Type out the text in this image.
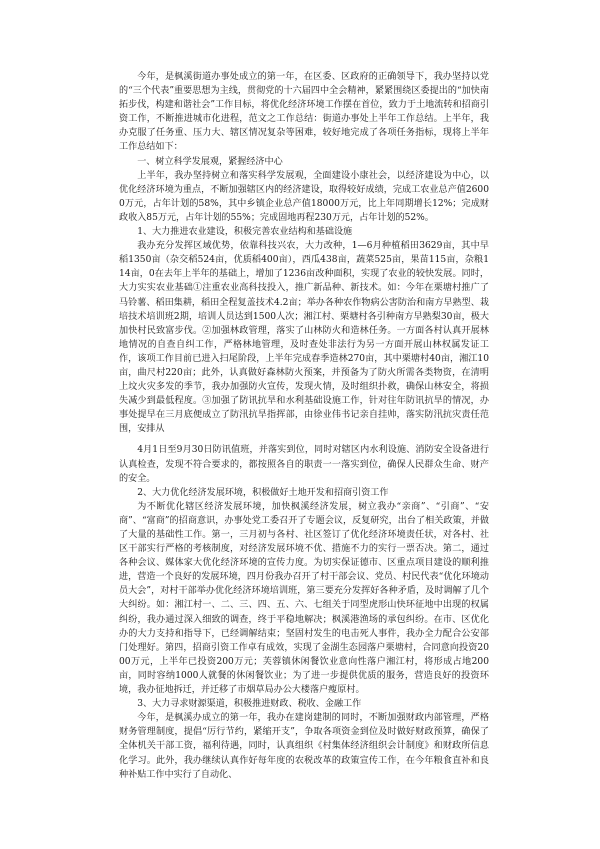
今年，是枫溪街道办事处成立的第一年，在区委、区政府的正确领导下，我办坚持以党的“三个代表”重要思想为主线，贯彻党的十六届四中全会精神，紧紧围绕区委提出的“加快南拓步伐，构建和谐社会”工作目标，将优化经济环境工作摆在首位，致力于土地流转和招商引资工作，不断推进城市化进程，范文之工作总结：街道办事处上半年工作总结。上半年，我办克服了任务重、压力大、辖区情况复杂等困难，较好地完成了各项任务指标，现将上半年工作总结如下：

一、树立科学发展观，紧握经济中心

上半年，我办坚持树立和落实科学发展观，全面建设小康社会，以经济建设为中心，以优化经济环境为重点，不断加强辖区内的经济建设，取得较好成绩，完成工农业总产值26000万元，占年计划的58%，其中乡镇企业总产值18000万元，比上年同期增长12%；完成财政收入85万元，占年计划的55%；完成固地再程230万元，占年计划的52%。

1、大力推进农业建设，积极完善农业结构和基础设施

我办充分发挥区域优势，依靠科技兴农，大力改种，1—6月种植稻田3629亩，其中早稻1350亩（杂交稻524亩，优质稻400亩），西瓜438亩，蔬菜525亩，果苗115亩，杂粮114亩，0在去年上半年的基础上，增加了1236亩改种面积，实现了农业的较快发展。同时，大力实实农业基础①注重农业高科技投入，推广新品种、新技术。如：今年在栗塘村推广了马铃薯、稻田集耕，稻田全程复盖技术4.2亩；举办各种农作物病公害防治和南方早熟型、栽培技术培训班2期，培训人员达到1500人次；湘江村、栗塘村各引种南方早熟梨30亩，极大加快村民致富步伐。②加强林政管理，落实了山林防火和造林任务。一方面各村认真开展林地情况的自查自纠工作，严格林地管理，及时查处非法行为另一方面开展山林权属发证工作，该项工作目前已进入扫尾阶段，上半年完成春季造林270亩，其中栗塘村40亩，湘江10亩，曲尺村220亩；此外，认真做好森林防火预案，并预备为了防火所需各类物资，在清明上坟火灾多发的季节，我办加强防火宣传，发现火情，及时组织扑救，确保山林安全，将损失减少到最低程度。③加强了防讯抗旱和水利基础设施工作，针对往年防讯抗旱的情况，办事处提早在三月底便成立了防汛抗旱指挥部，由徐业伟书记亲自挂帅，落实防汛抗灾责任范围，安排从

4月1日至9月30日防讯值班，并落实到位，同时对辖区内水利设施、消防安全设备进行认真检查，发现不符合要求的，都按照各自的职责一一落实到位，确保人民群众生命、财产的安全。

2、大力优化经济发展环境，积极做好土地开发和招商引资工作

为不断优化辖区经济发展环境，加快枫溪经济发展，树立我办“亲商”、“引商”、“安商”、“富商”的招商意识，办事处党工委召开了专题会议，反复研究，出台了相关政策，并做了大量的基础性工作。第一，三月初与各村、社区签订了优化经济环境责任状，对各村、社区干部实行严格的考核制度，对经济发展环境不优、措施不力的实行一票否决。第二，通过各种会议、媒体家大优化经济环境的宣传力度。为切实保证德市、区重点项目建设的顺利推进，营造一个良好的发展环境，四月份我办召开了村干部会议、党员、村民代表“优化环境动员大会”，对村干部举办优化经济环境培训班，第三要充分发挥好各种矛盾，及时调解了几个大纠纷。如：湘江村一、二、三、四、五、六、七组关于同型虎形山快环征地中出现的权属纠纷，我办通过深入细致的调查，终于平稳地解决；枫溪港渔场的承包纠纷。在市、区优化办的大力支持和指导下，已经调解结束；坚固村发生的电击死人事件，我办全力配合公安部门处理好。第四，招商引资工作卓有成效，实现了金湖生态园落户栗塘村，合同意向投资2000万元，上半年已投资200万元；芙蓉镇休闲餐饮业意向性落户湘江村，将形成占地200亩，同时容纳1000人就餐的休闲餐饮业；为了进一步提供优质的服务，营造良好的投资环境，我办征地拆迁，并迁移了市烟草局办公大楼落户瘦原村。

3、大力寻求财源渠道，积极推进财政、税收、金融工作

今年，是枫溪办成立的第一年，我办在建岗建制的同时，不断加强财政内部管理，严格财务管理制度，提倡“厉行节约，紧缩开支”，争取各项资金到位及时做好财政预算，确保了全体机关干部工资，福利待遇，同时，认真组织《村集体经济组织会计制度》和财政所信息化学习。此外，我办继续认真作好每年度的农税改革的政策宣传工作，在今年粮食直补和良种补贴工作中实行了自动化、
